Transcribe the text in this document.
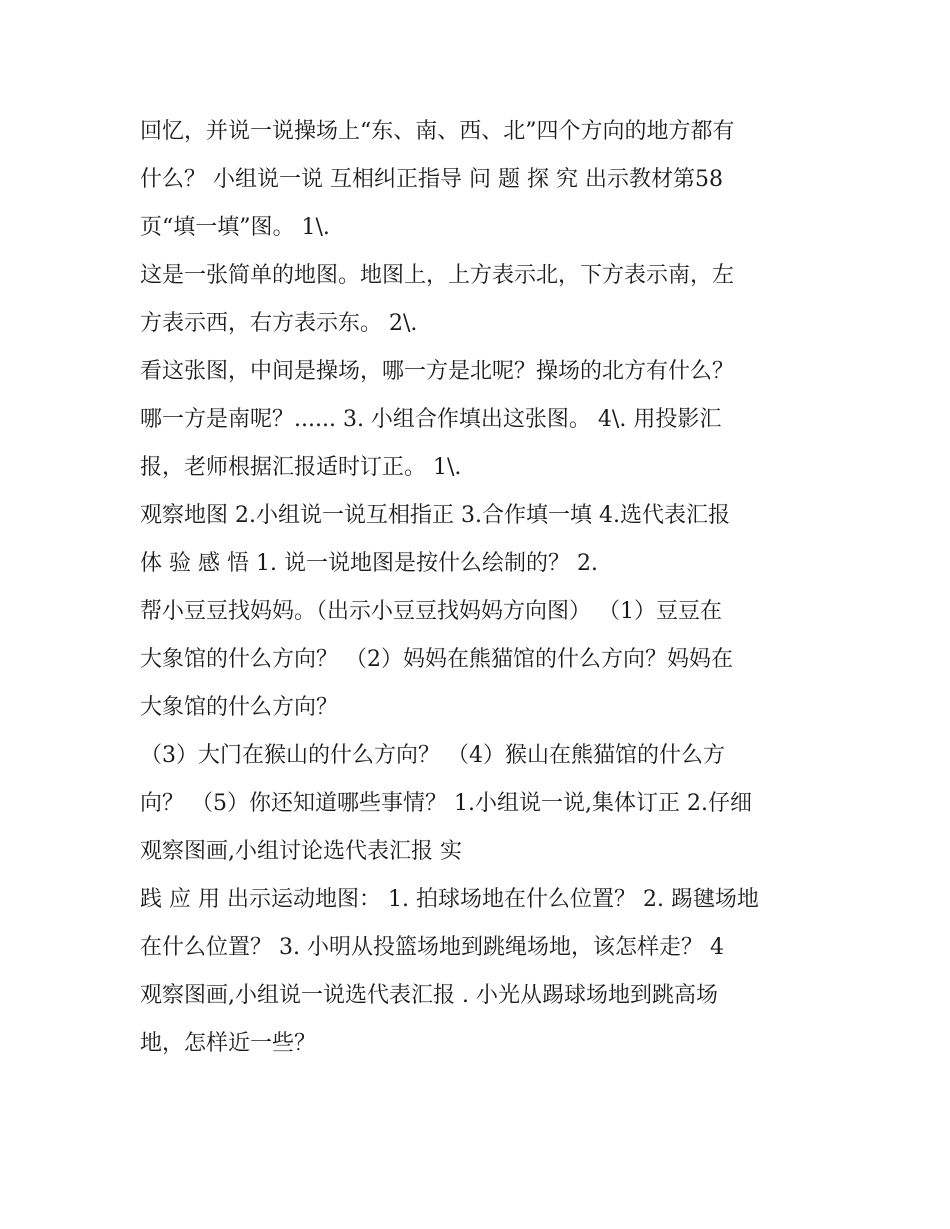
回忆，并说一说操场上“东、南、西、北”四个方向的地方都有
什么？ 小组说一说 互相纠正指导 问 题 探 究 出示教材第58
页“填一填”图。 1\.
这是一张简单的地图。地图上，上方表示北，下方表示南，左
方表示西，右方表示东。 2\.
看这张图，中间是操场，哪一方是北呢？操场的北方有什么？
哪一方是南呢？...... 3. 小组合作填出这张图。 4\. 用投影汇
报，老师根据汇报适时订正。 1\.
观察地图 2.小组说一说互相指正 3.合作填一填 4.选代表汇报
体 验 感 悟 1. 说一说地图是按什么绘制的？ 2.
帮小豆豆找妈妈。（出示小豆豆找妈妈方向图） （1）豆豆在
大象馆的什么方向？ （2）妈妈在熊猫馆的什么方向？妈妈在
大象馆的什么方向？
（3）大门在猴山的什么方向？ （4）猴山在熊猫馆的什么方
向？ （5）你还知道哪些事情？ 1.小组说一说,集体订正 2.仔细
观察图画,小组讨论选代表汇报 实
践 应 用 出示运动地图： 1. 拍球场地在什么位置？ 2. 踢毽场地
在什么位置？ 3. 小明从投篮场地到跳绳场地，该怎样走？ 4
观察图画,小组说一说选代表汇报 . 小光从踢球场地到跳高场
地，怎样近一些？
